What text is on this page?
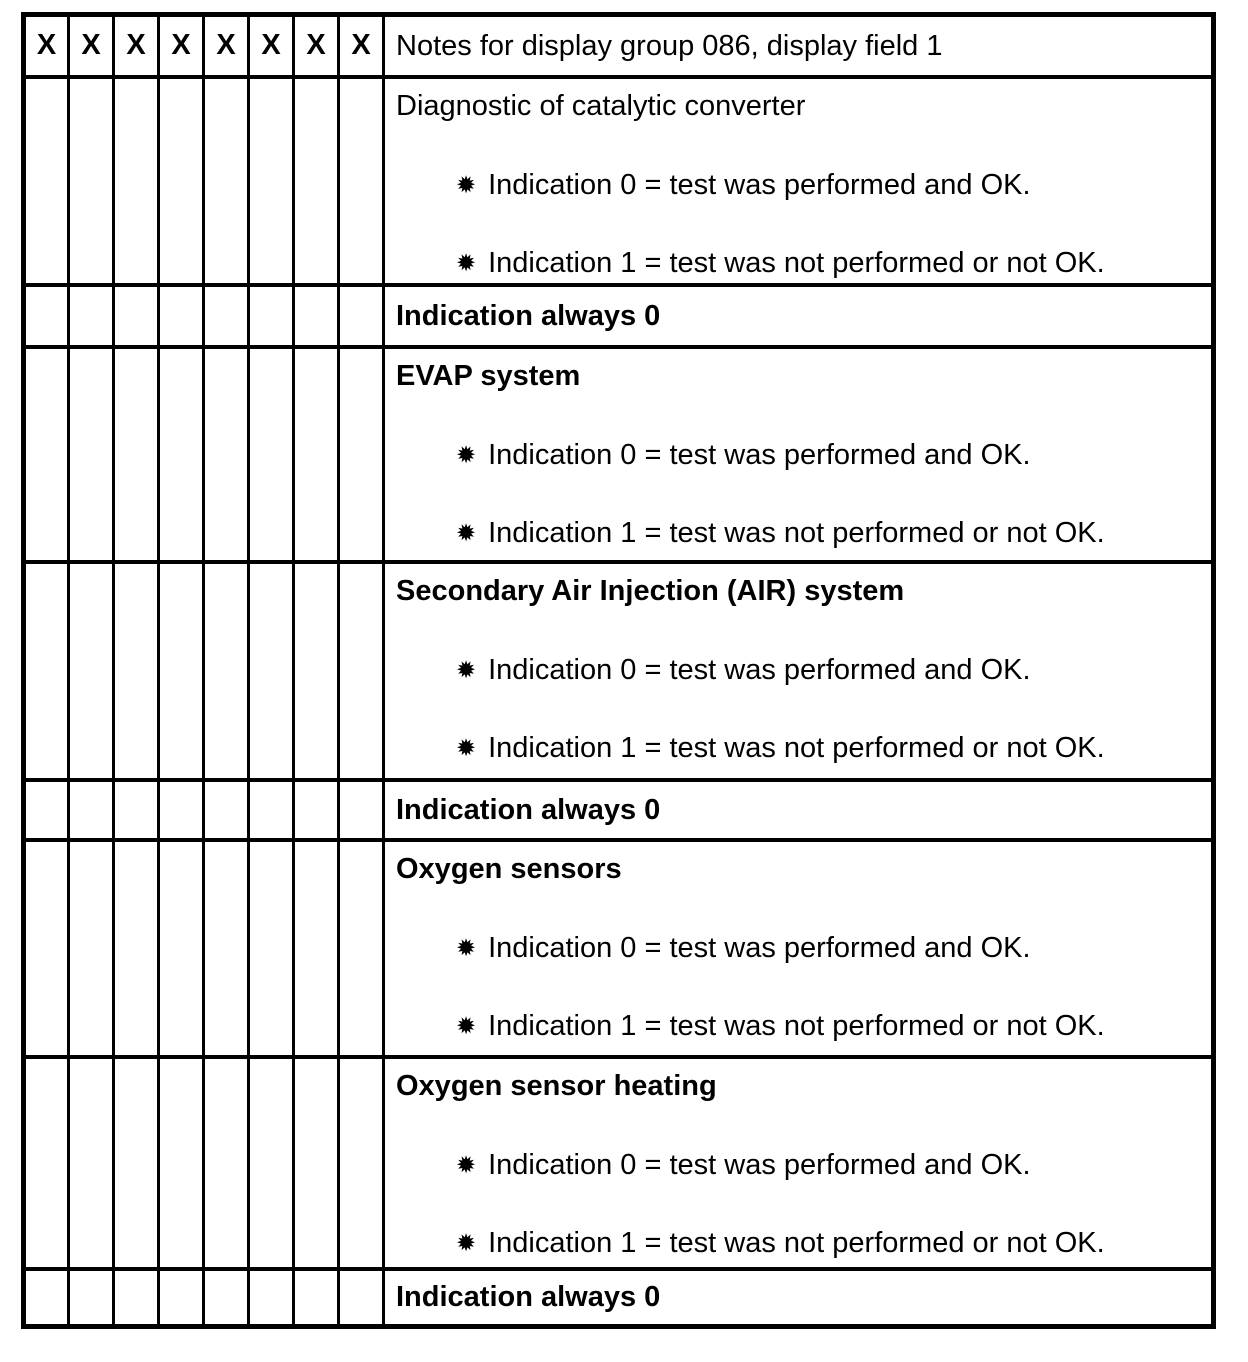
X	X	X	X	X	X	X	X	Notes for display group 086, display field 1

								Diagnostic of catalytic converter
✹ Indication 0 = test was performed and OK.
✹ Indication 1 = test was not performed or not OK.

								Indication always 0

								EVAP system
✹ Indication 0 = test was performed and OK.
✹ Indication 1 = test was not performed or not OK.

								Secondary Air Injection (AIR) system
✹ Indication 0 = test was performed and OK.
✹ Indication 1 = test was not performed or not OK.

								Indication always 0

								Oxygen sensors
✹ Indication 0 = test was performed and OK.
✹ Indication 1 = test was not performed or not OK.

								Oxygen sensor heating
✹ Indication 0 = test was performed and OK.
✹ Indication 1 = test was not performed or not OK.

								Indication always 0
